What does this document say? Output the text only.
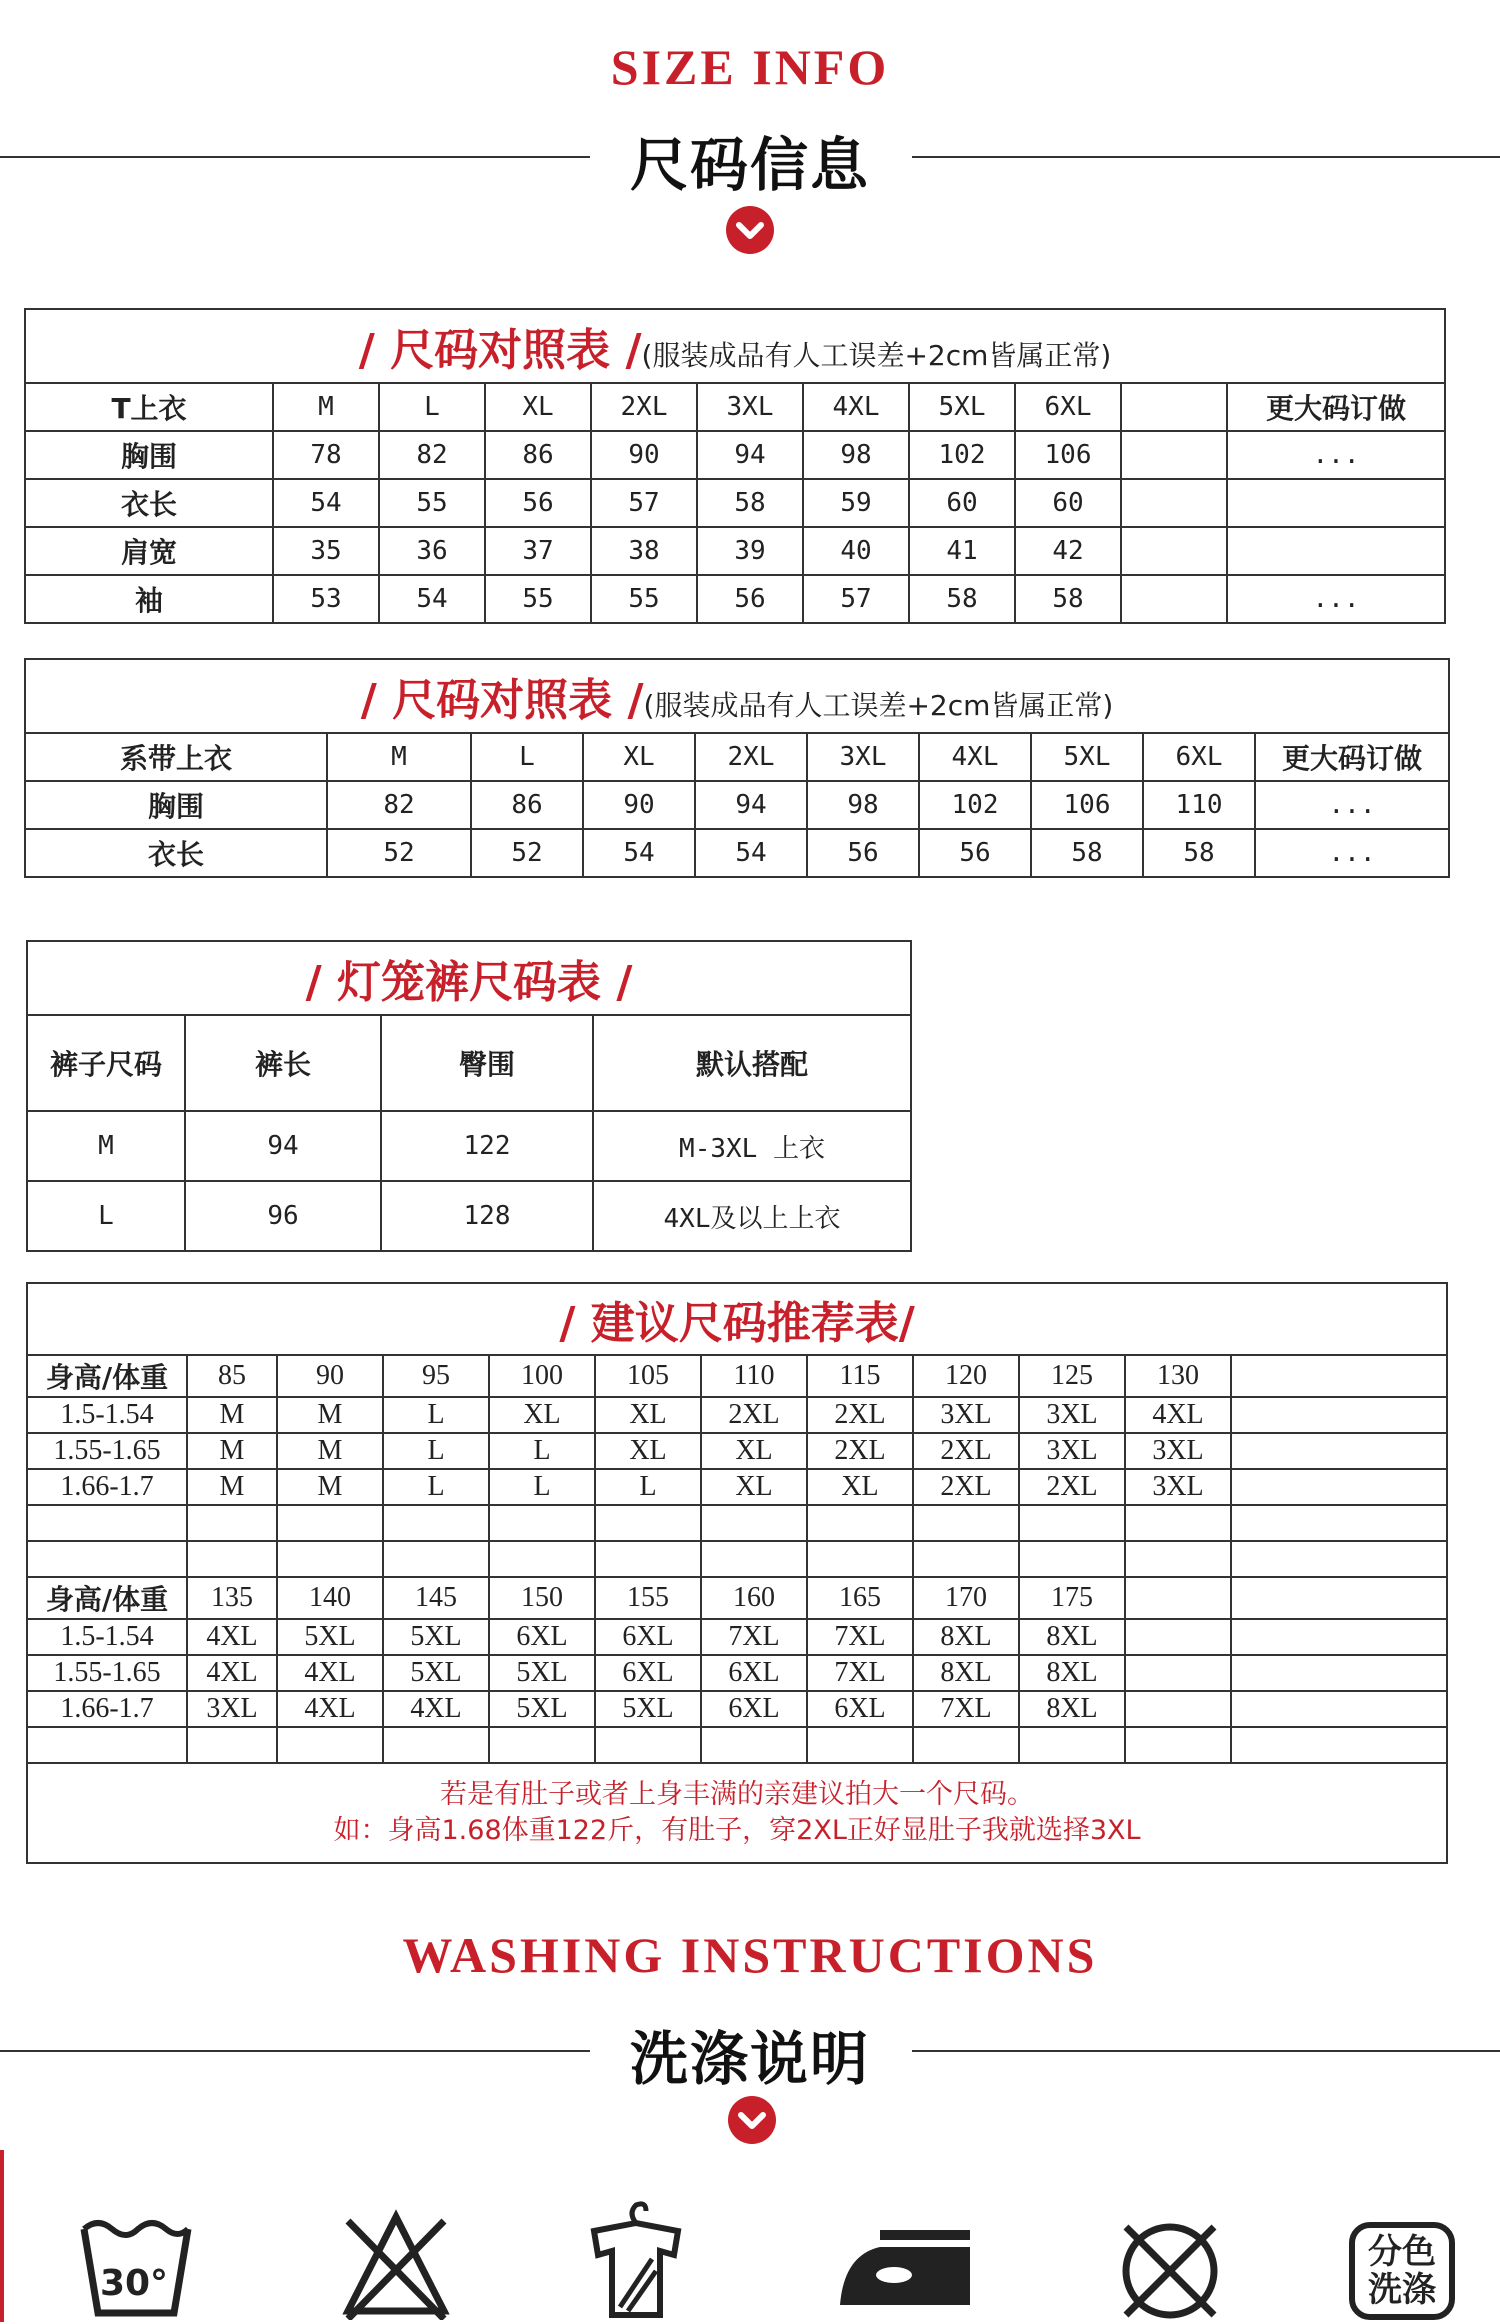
SIZE INFO
尺码信息
/ 尺码对照表 /(服装成品有人工误差+2cm皆属正常)										
T上衣	M	L	XL	2XL	3XL	4XL	5XL	6XL		更大码订做
胸围	78	82	86	90	94	98	102	106		...
衣长	54	55	56	57	58	59	60	60		
肩宽	35	36	37	38	39	40	41	42		
袖	53	54	55	55	56	57	58	58		...
/ 尺码对照表 /(服装成品有人工误差+2cm皆属正常)									
系带上衣	M	L	XL	2XL	3XL	4XL	5XL	6XL	更大码订做
胸围	82	86	90	94	98	102	106	110	...
衣长	52	52	54	54	56	56	58	58	...
/ 灯笼裤尺码表 /			
裤子尺码	裤长	臀围	默认搭配
M	94	122	M-3XL 上衣
L	96	128	4XL及以上上衣
/ 建议尺码推荐表/											
身高/体重	85	90	95	100	105	110	115	120	125	130	
1.5-1.54	M	M	L	XL	XL	2XL	2XL	3XL	3XL	4XL	
1.55-1.65	M	M	L	L	XL	XL	2XL	2XL	3XL	3XL	
1.66-1.7	M	M	L	L	L	XL	XL	2XL	2XL	3XL	

身高/体重	135	140	145	150	155	160	165	170	175		
1.5-1.54	4XL	5XL	5XL	6XL	6XL	7XL	7XL	8XL	8XL		
1.55-1.65	4XL	4XL	5XL	5XL	6XL	6XL	7XL	8XL	8XL		
1.66-1.7	3XL	4XL	4XL	5XL	5XL	6XL	6XL	7XL	8XL		

若是有肚子或者上身丰满的亲建议拍大一个尺码。
如：身高1.68体重122斤，有肚子，穿2XL正好显肚子我就选择3XL											
WASHING INSTRUCTIONS
洗涤说明
30°
分色洗涤
